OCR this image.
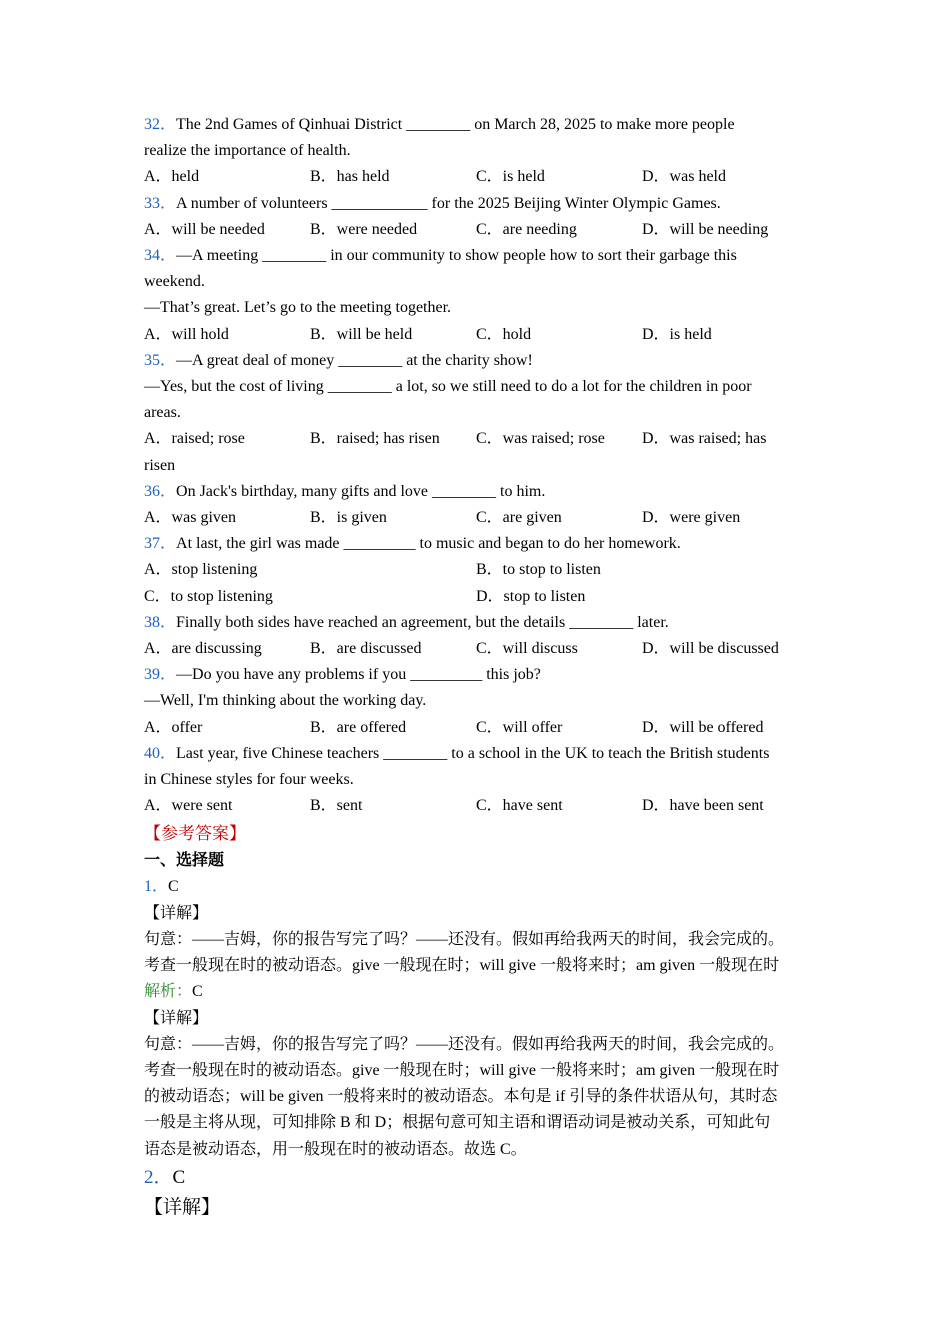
32．The 2nd Games of Qinhuai District ________ on March 28, 2025 to make more people
realize the importance of health.
A．held	B．has held	C．is held	D．was held
33．A number of volunteers ____________ for the 2025 Beijing Winter Olympic Games.
A．will be needed	B．were needed	C．are needing	D．will be needing
34．—A meeting ________ in our community to show people how to sort their garbage this
weekend.
—That’s great. Let’s go to the meeting together.
A．will hold	B．will be held	C．hold	D．is held
35．—A great deal of money ________ at the charity show!
—Yes, but the cost of living ________ a lot, so we still need to do a lot for the children in poor
areas.
A．raised; rose	B．raised; has risen	C．was raised; rose	D．was raised; has
risen
36．On Jack's birthday, many gifts and love ________ to him.
A．was given	B．is given	C．are given	D．were given
37．At last, the girl was made _________ to music and began to do her homework.
A．stop listening	B．to stop to listen
C．to stop listening	D．stop to listen
38．Finally both sides have reached an agreement, but the details ________ later.
A．are discussing	B．are discussed	C．will discuss	D．will be discussed
39．—Do you have any problems if you _________ this job?
—Well, I'm thinking about the working day.
A．offer	B．are offered	C．will offer	D．will be offered
40．Last year, five Chinese teachers ________ to a school in the UK to teach the British students
in Chinese styles for four weeks.
A．were sent	B．sent	C．have sent	D．have been sent
【参考答案】
一、选择题
1．C
【详解】
句意：——吉姆，你的报告写完了吗？——还没有。假如再给我两天的时间，我会完成的。
考查一般现在时的被动语态。give 一般现在时；will give 一般将来时；am given 一般现在时
解析：C
【详解】
句意：——吉姆，你的报告写完了吗？——还没有。假如再给我两天的时间，我会完成的。
考查一般现在时的被动语态。give 一般现在时；will give 一般将来时；am given 一般现在时
的被动语态；will be given 一般将来时的被动语态。本句是 if 引导的条件状语从句，其时态
一般是主将从现，可知排除 B 和 D；根据句意可知主语和谓语动词是被动关系，可知此句
语态是被动语态，用一般现在时的被动语态。故选 C。
2．C
【详解】
